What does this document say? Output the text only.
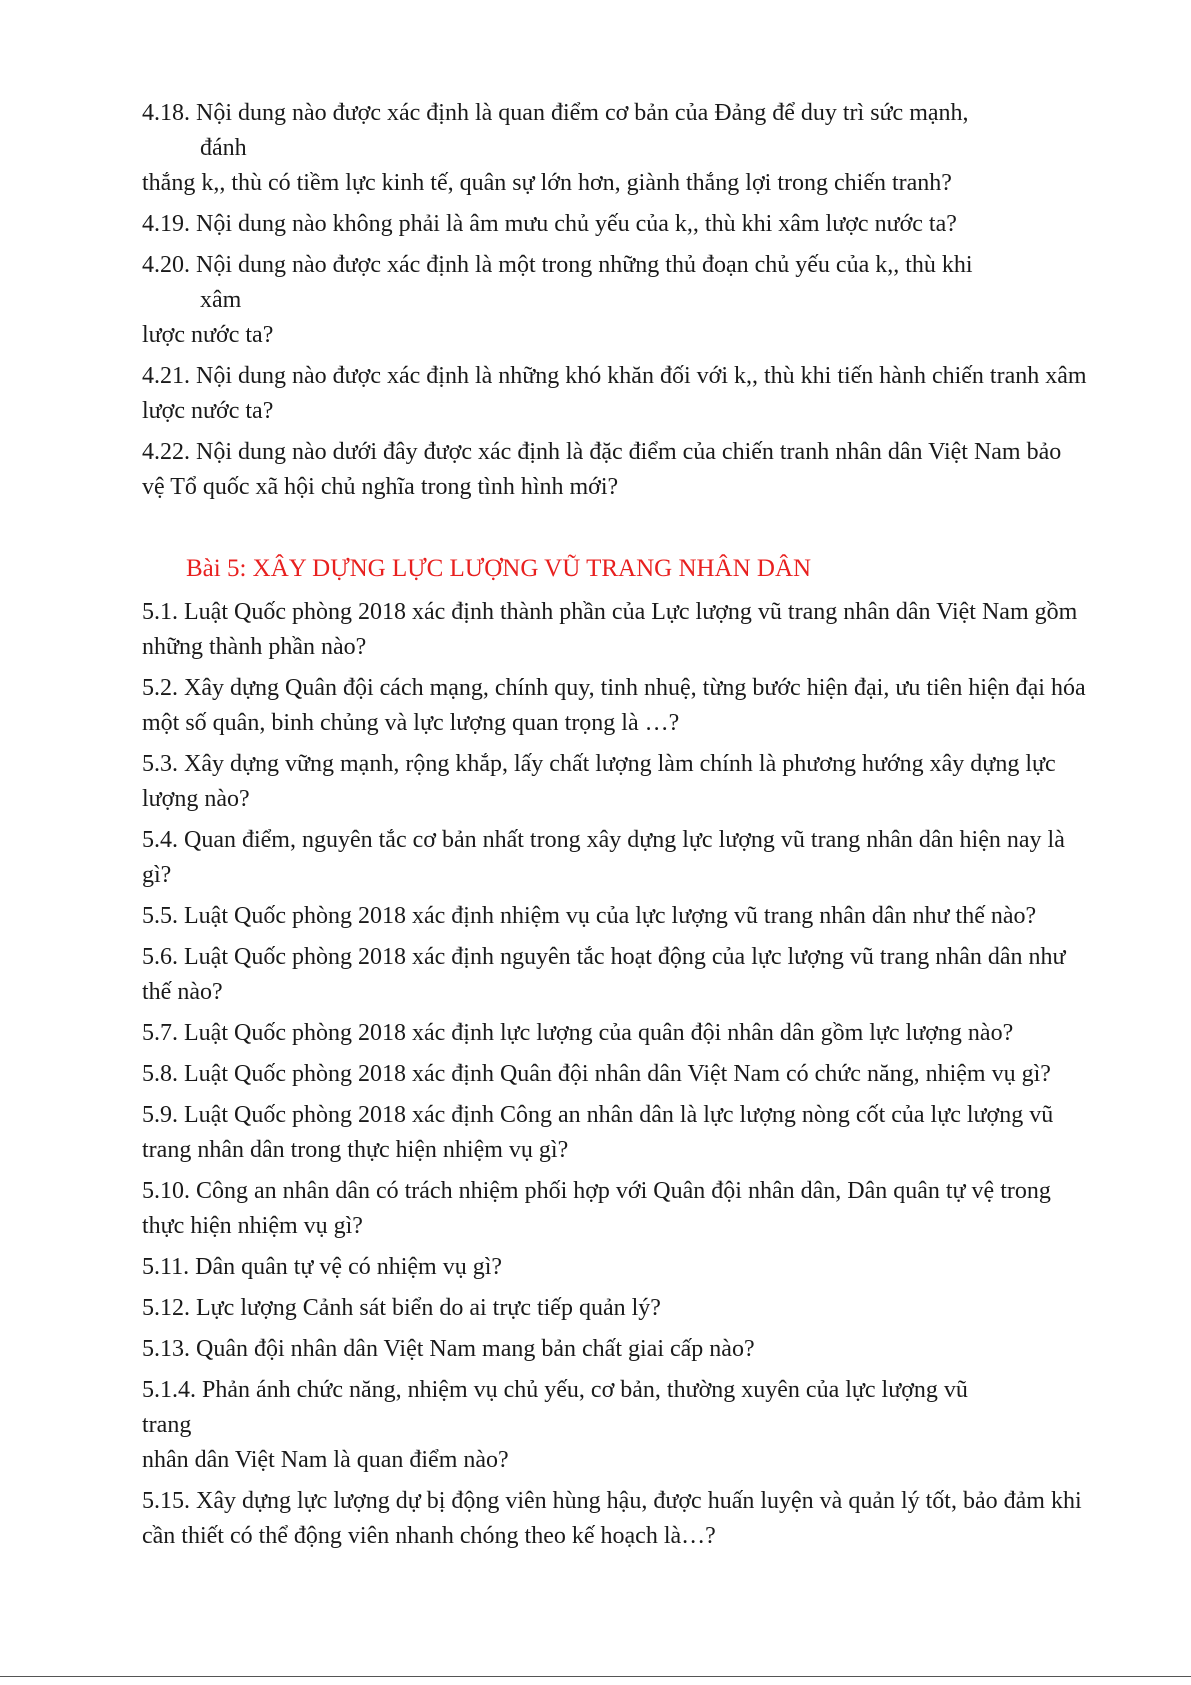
4.18. Nội dung nào được xác định là quan điểm cơ bản của Đảng để duy trì sức mạnh,
đánh
thắng k,, thù có tiềm lực kinh tế, quân sự lớn hơn, giành thắng lợi trong chiến tranh?

4.19. Nội dung nào không phải là âm mưu chủ yếu của k,, thù khi xâm lược nước ta?

4.20. Nội dung nào được xác định là một trong những thủ đoạn chủ yếu của k,, thù khi
xâm
lược nước ta?

4.21. Nội dung nào được xác định là những khó khăn đối với k,, thù khi tiến hành chiến tranh xâm lược nước ta?

4.22. Nội dung nào dưới đây được xác định là đặc điểm của chiến tranh nhân dân Việt Nam bảo vệ Tổ quốc xã hội chủ nghĩa trong tình hình mới?

Bài 5: XÂY DỰNG LỰC LƯỢNG VŨ TRANG NHÂN DÂN

5.1. Luật Quốc phòng 2018 xác định thành phần của Lực lượng vũ trang nhân dân Việt Nam gồm những thành phần nào?

5.2. Xây dựng Quân đội cách mạng, chính quy, tinh nhuệ, từng bước hiện đại, ưu tiên hiện đại hóa một số quân, binh chủng và lực lượng quan trọng là …?

5.3. Xây dựng vững mạnh, rộng khắp, lấy chất lượng làm chính là phương hướng xây dựng lực lượng nào?

5.4. Quan điểm, nguyên tắc cơ bản nhất trong xây dựng lực lượng vũ trang nhân dân hiện nay là gì?

5.5. Luật Quốc phòng 2018 xác định nhiệm vụ của lực lượng vũ trang nhân dân như thế nào?

5.6. Luật Quốc phòng 2018 xác định nguyên tắc hoạt động của lực lượng vũ trang nhân dân như thế nào?

5.7. Luật Quốc phòng 2018 xác định lực lượng của quân đội nhân dân gồm lực lượng nào?

5.8. Luật Quốc phòng 2018 xác định Quân đội nhân dân Việt Nam có chức năng, nhiệm vụ gì?

5.9. Luật Quốc phòng 2018 xác định Công an nhân dân là lực lượng nòng cốt của lực lượng vũ trang nhân dân trong thực hiện nhiệm vụ gì?

5.10. Công an nhân dân có trách nhiệm phối hợp với Quân đội nhân dân, Dân quân tự vệ trong thực hiện nhiệm vụ gì?

5.11. Dân quân tự vệ có nhiệm vụ gì?

5.12. Lực lượng Cảnh sát biển do ai trực tiếp quản lý?

5.13. Quân đội nhân dân Việt Nam mang bản chất giai cấp nào?

5.1.4. Phản ánh chức năng, nhiệm vụ chủ yếu, cơ bản, thường xuyên của lực lượng vũ
trang
nhân dân Việt Nam là quan điểm nào?

5.15. Xây dựng lực lượng dự bị động viên hùng hậu, được huấn luyện và quản lý tốt, bảo đảm khi cần thiết có thể động viên nhanh chóng theo kế hoạch là…?
